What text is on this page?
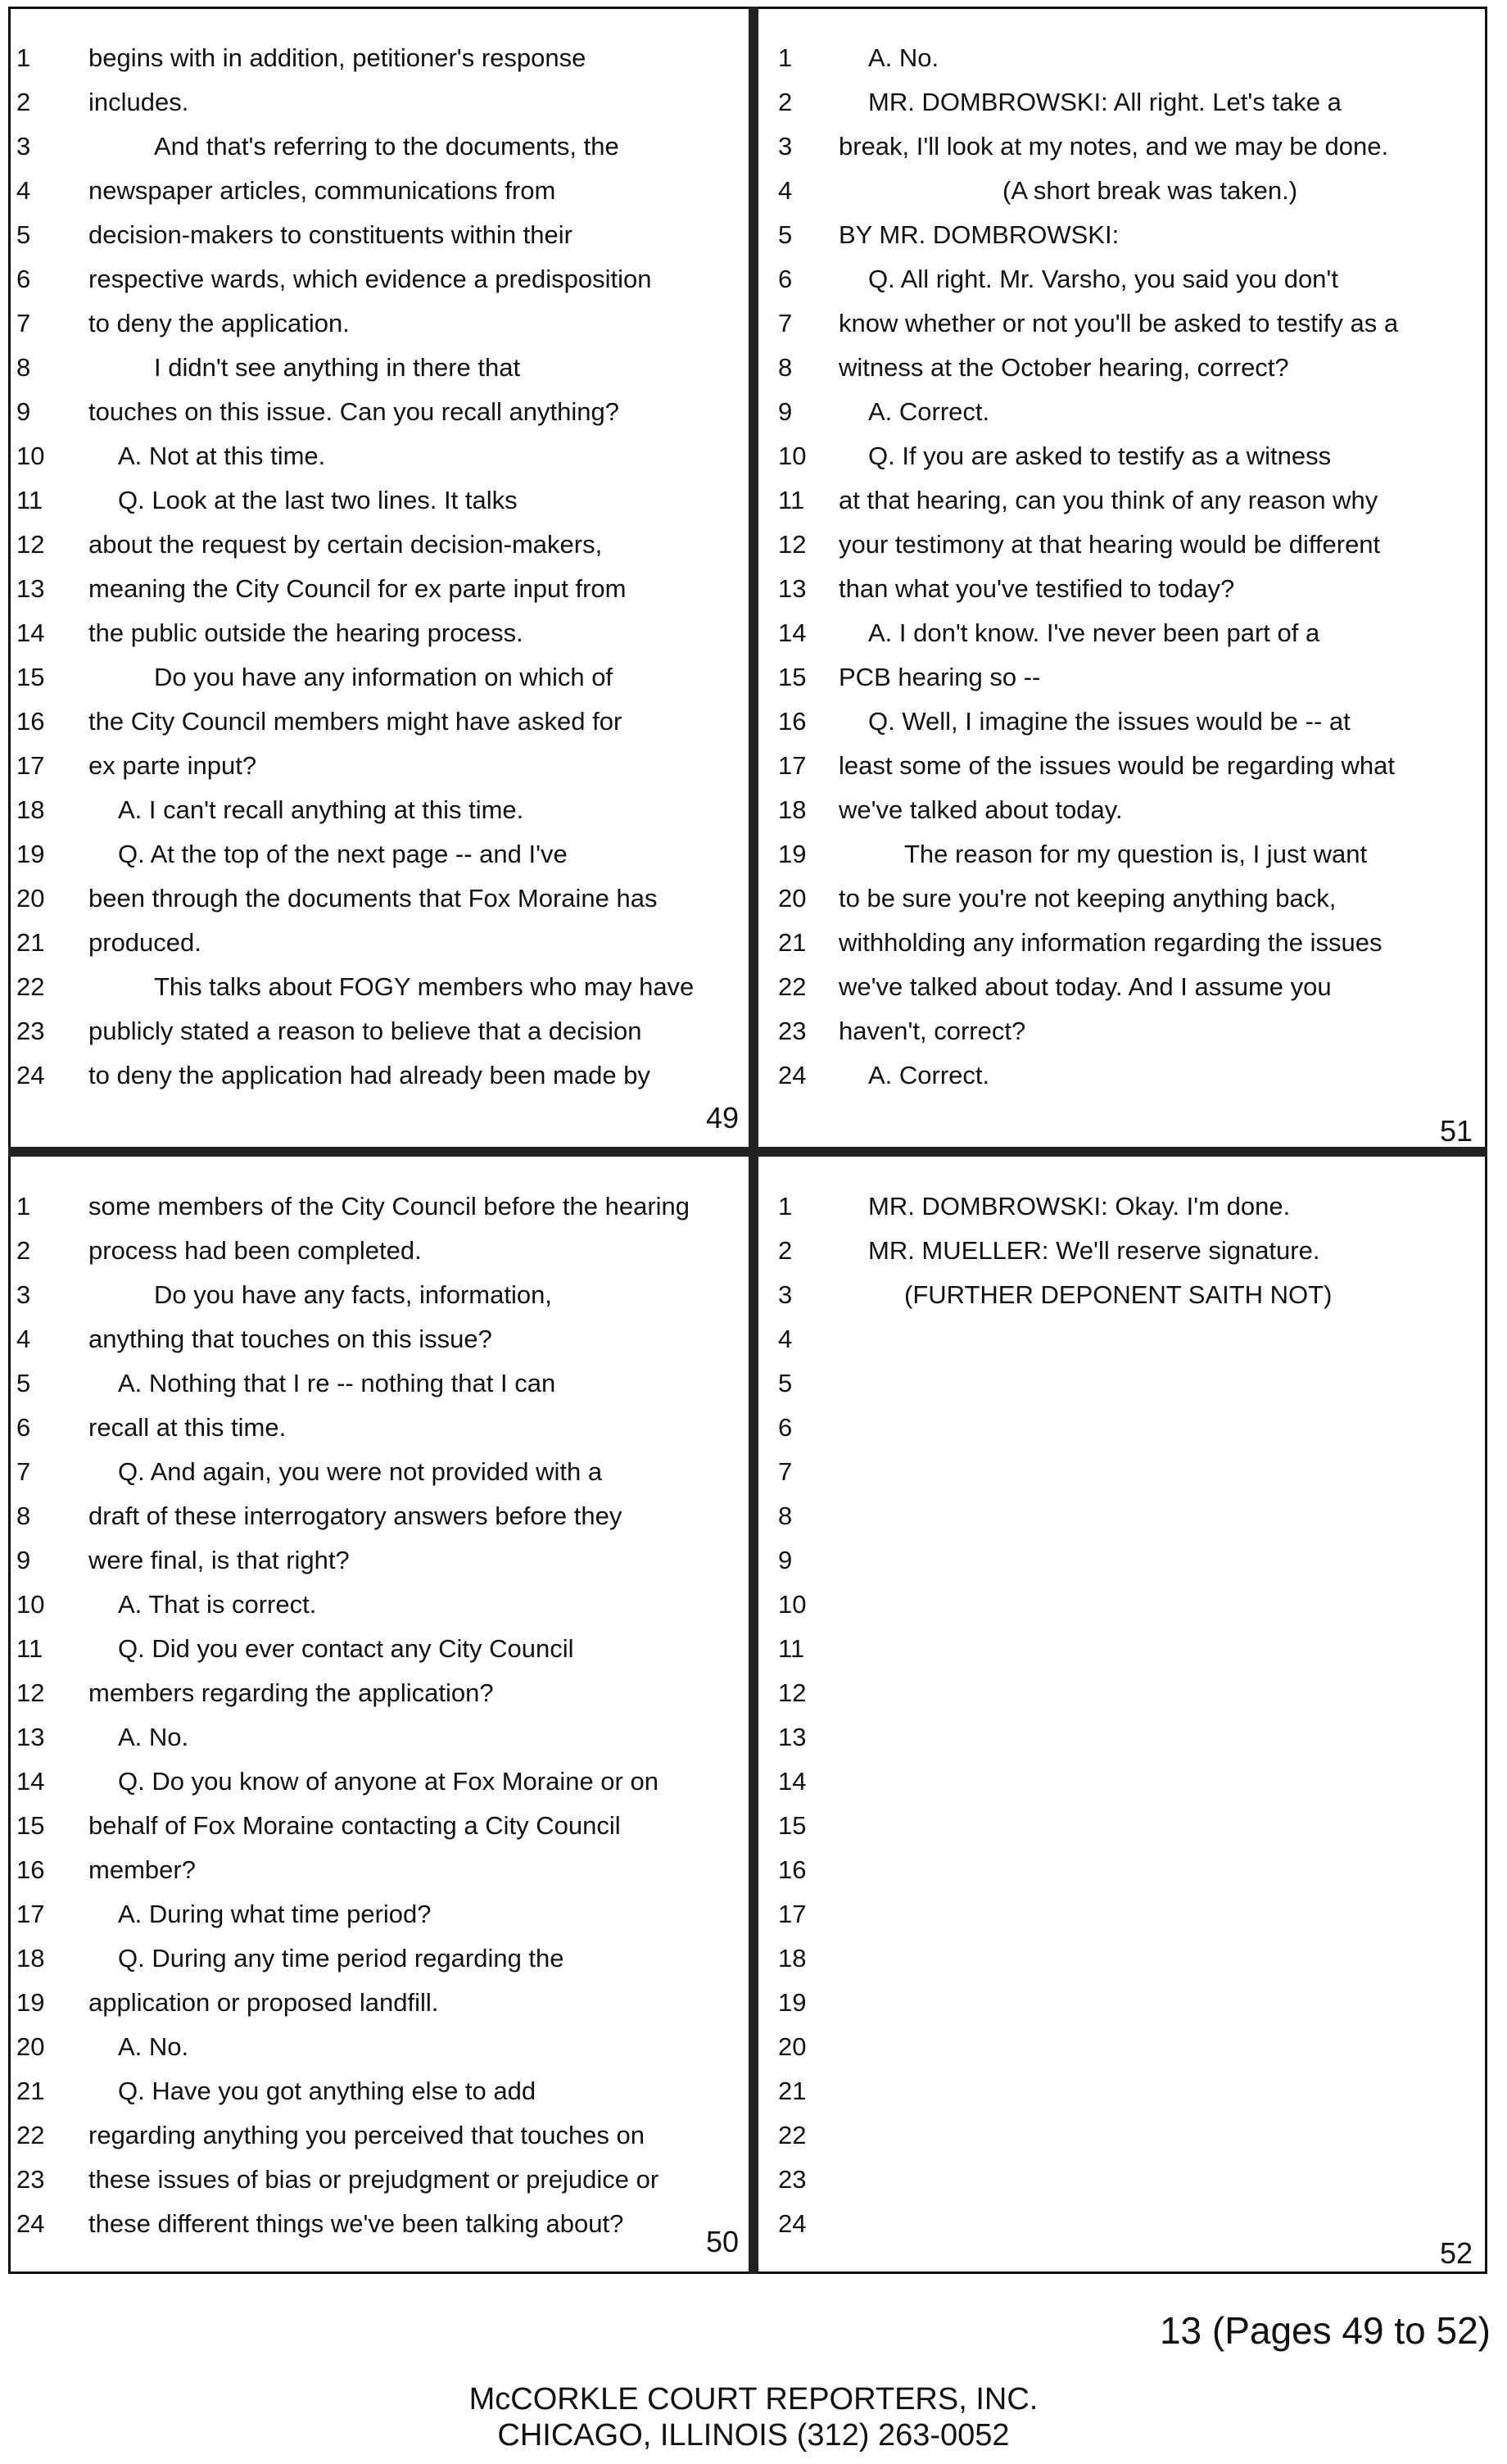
1	begins with in addition, petitioner's response
2	includes.
3	And that's referring to the documents, the
4	newspaper articles, communications from
5	decision-makers to constituents within their
6	respective wards, which evidence a predisposition
7	to deny the application.
8	I didn't see anything in there that
9	touches on this issue. Can you recall anything?
10	A. Not at this time.
11	Q. Look at the last two lines. It talks
12	about the request by certain decision-makers,
13	meaning the City Council for ex parte input from
14	the public outside the hearing process.
15	Do you have any information on which of
16	the City Council members might have asked for
17	ex parte input?
18	A. I can't recall anything at this time.
19	Q. At the top of the next page -- and I've
20	been through the documents that Fox Moraine has
21	produced.
22	This talks about FOGY members who may have
23	publicly stated a reason to believe that a decision
24	to deny the application had already been made by
49
1	A. No.
2	MR. DOMBROWSKI: All right. Let's take a
3	break, I'll look at my notes, and we may be done.
4	(A short break was taken.)
5	BY MR. DOMBROWSKI:
6	Q. All right. Mr. Varsho, you said you don't
7	know whether or not you'll be asked to testify as a
8	witness at the October hearing, correct?
9	A. Correct.
10	Q. If you are asked to testify as a witness
11	at that hearing, can you think of any reason why
12	your testimony at that hearing would be different
13	than what you've testified to today?
14	A. I don't know. I've never been part of a
15	PCB hearing so --
16	Q. Well, I imagine the issues would be -- at
17	least some of the issues would be regarding what
18	we've talked about today.
19	The reason for my question is, I just want
20	to be sure you're not keeping anything back,
21	withholding any information regarding the issues
22	we've talked about today. And I assume you
23	haven't, correct?
24	A. Correct.
51
1	some members of the City Council before the hearing
2	process had been completed.
3	Do you have any facts, information,
4	anything that touches on this issue?
5	A. Nothing that I re -- nothing that I can
6	recall at this time.
7	Q. And again, you were not provided with a
8	draft of these interrogatory answers before they
9	were final, is that right?
10	A. That is correct.
11	Q. Did you ever contact any City Council
12	members regarding the application?
13	A. No.
14	Q. Do you know of anyone at Fox Moraine or on
15	behalf of Fox Moraine contacting a City Council
16	member?
17	A. During what time period?
18	Q. During any time period regarding the
19	application or proposed landfill.
20	A. No.
21	Q. Have you got anything else to add
22	regarding anything you perceived that touches on
23	these issues of bias or prejudgment or prejudice or
24	these different things we've been talking about?
50
1	MR. DOMBROWSKI: Okay. I'm done.
2	MR. MUELLER: We'll reserve signature.
3	(FURTHER DEPONENT SAITH NOT)
4
5
6
7
8
9
10
11
12
13
14
15
16
17
18
19
20
21
22
23
24
52
13 (Pages 49 to 52)
McCORKLE COURT REPORTERS, INC.
CHICAGO, ILLINOIS (312) 263-0052
